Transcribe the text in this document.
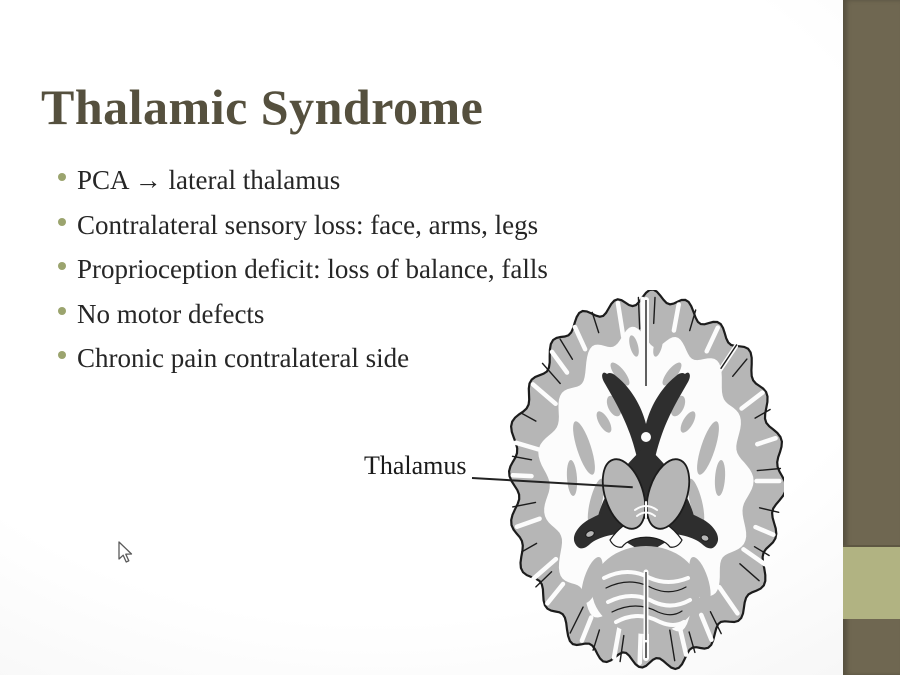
Thalamic Syndrome
PCA → lateral thalamus
Contralateral sensory loss: face, arms, legs
Proprioception deficit: loss of balance, falls
No motor defects
Chronic pain contralateral side
Thalamus
